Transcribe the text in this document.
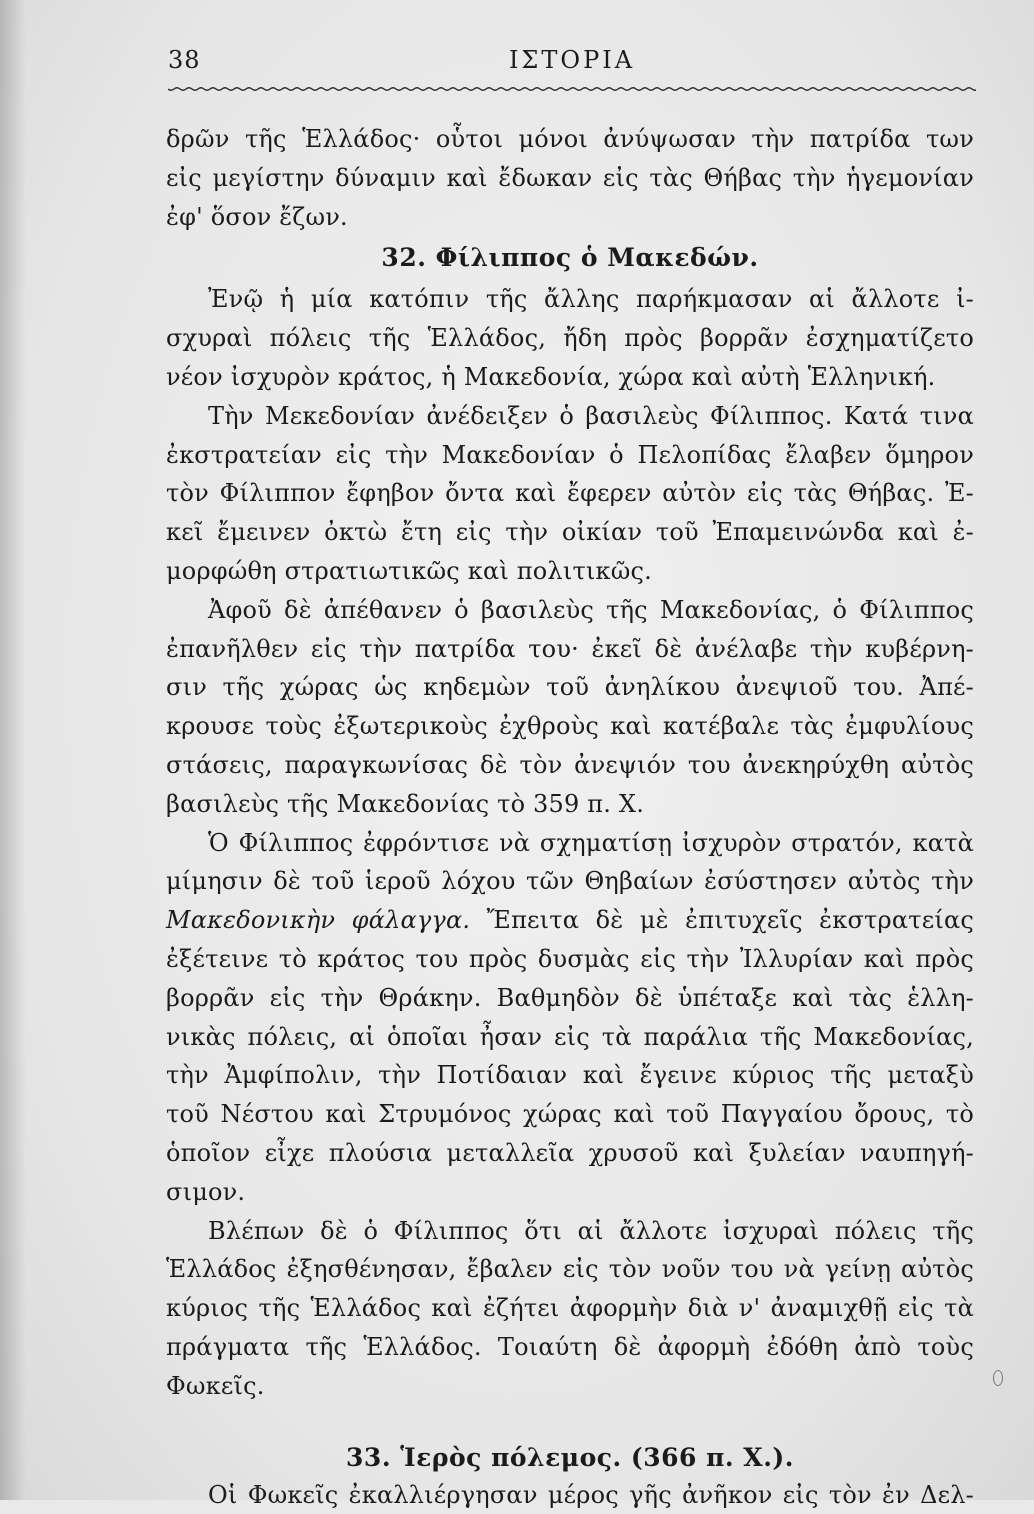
38	ΙΣΤΟΡΙΑ
δρῶν τῆς Ἑλλάδος· οὗτοι μόνοι ἀνύψωσαν τὴν πατρίδα των
εἰς μεγίστην δύναμιν καὶ ἔδωκαν εἰς τὰς Θήβας τὴν ἡγεμονίαν
ἐφ' ὅσον ἔζων.
32. Φίλιππος ὁ Μακεδών.
Ἐνῷ ἡ μία κατόπιν τῆς ἄλλης παρήκμασαν αἱ ἄλλοτε ἰ-
σχυραὶ πόλεις τῆς Ἑλλάδος, ἤδη πρὸς βορρᾶν ἐσχηματίζετο
νέον ἰσχυρὸν κράτος, ἡ Μακεδονία, χώρα καὶ αὐτὴ Ἑλληνική.
Τὴν Μεκεδονίαν ἀνέδειξεν ὁ βασιλεὺς Φίλιππος. Κατά τινα
ἐκστρατείαν εἰς τὴν Μακεδονίαν ὁ Πελοπίδας ἔλαβεν ὅμηρον
τὸν Φίλιππον ἔφηβον ὄντα καὶ ἔφερεν αὐτὸν εἰς τὰς Θήβας. Ἐ-
κεῖ ἔμεινεν ὀκτὼ ἔτη εἰς τὴν οἰκίαν τοῦ Ἐπαμεινώνδα καὶ ἐ-
μορφώθη στρατιωτικῶς καὶ πολιτικῶς.
Ἀφοῦ δὲ ἀπέθανεν ὁ βασιλεὺς τῆς Μακεδονίας, ὁ Φίλιππος
ἐπανῆλθεν εἰς τὴν πατρίδα του· ἐκεῖ δὲ ἀνέλαβε τὴν κυβέρνη-
σιν τῆς χώρας ὡς κηδεμὼν τοῦ ἀνηλίκου ἀνεψιοῦ του. Ἀπέ-
κρουσε τοὺς ἐξωτερικοὺς ἐχθροὺς καὶ κατέβαλε τὰς ἐμφυλίους
στάσεις, παραγκωνίσας δὲ τὸν ἀνεψιόν του ἀνεκηρύχθη αὐτὸς
βασιλεὺς τῆς Μακεδονίας τὸ 359 π. Χ.
Ὁ Φίλιππος ἐφρόντισε νὰ σχηματίσῃ ἰσχυρὸν στρατόν, κατὰ
μίμησιν δὲ τοῦ ἱεροῦ λόχου τῶν Θηβαίων ἐσύστησεν αὐτὸς τὴν
Μακεδονικὴν φάλαγγα. Ἔπειτα δὲ μὲ ἐπιτυχεῖς ἐκστρατείας
ἐξέτεινε τὸ κράτος του πρὸς δυσμὰς εἰς τὴν Ἰλλυρίαν καὶ πρὸς
βορρᾶν εἰς τὴν Θράκην. Βαθμηδὸν δὲ ὑπέταξε καὶ τὰς ἑλλη-
νικὰς πόλεις, αἱ ὁποῖαι ἦσαν εἰς τὰ παράλια τῆς Μακεδονίας,
τὴν Ἀμφίπολιν, τὴν Ποτίδαιαν καὶ ἔγεινε κύριος τῆς μεταξὺ
τοῦ Νέστου καὶ Στρυμόνος χώρας καὶ τοῦ Παγγαίου ὄρους, τὸ
ὁποῖον εἶχε πλούσια μεταλλεῖα χρυσοῦ καὶ ξυλείαν ναυπηγή-
σιμον.
Βλέπων δὲ ὁ Φίλιππος ὅτι αἱ ἄλλοτε ἰσχυραὶ πόλεις τῆς
Ἑλλάδος ἐξησθένησαν, ἔβαλεν εἰς τὸν νοῦν του νὰ γείνῃ αὐτὸς
κύριος τῆς Ἑλλάδος καὶ ἐζήτει ἀφορμὴν διὰ ν' ἀναμιχθῇ εἰς τὰ
πράγματα τῆς Ἑλλάδος. Τοιαύτη δὲ ἀφορμὴ ἐδόθη ἀπὸ τοὺς
Φωκεῖς.
33. Ἱερὸς πόλεμος. (366 π. Χ.).
Οἱ Φωκεῖς ἐκαλλιέργησαν μέρος γῆς ἀνῆκον εἰς τὸν ἐν Δελ-
